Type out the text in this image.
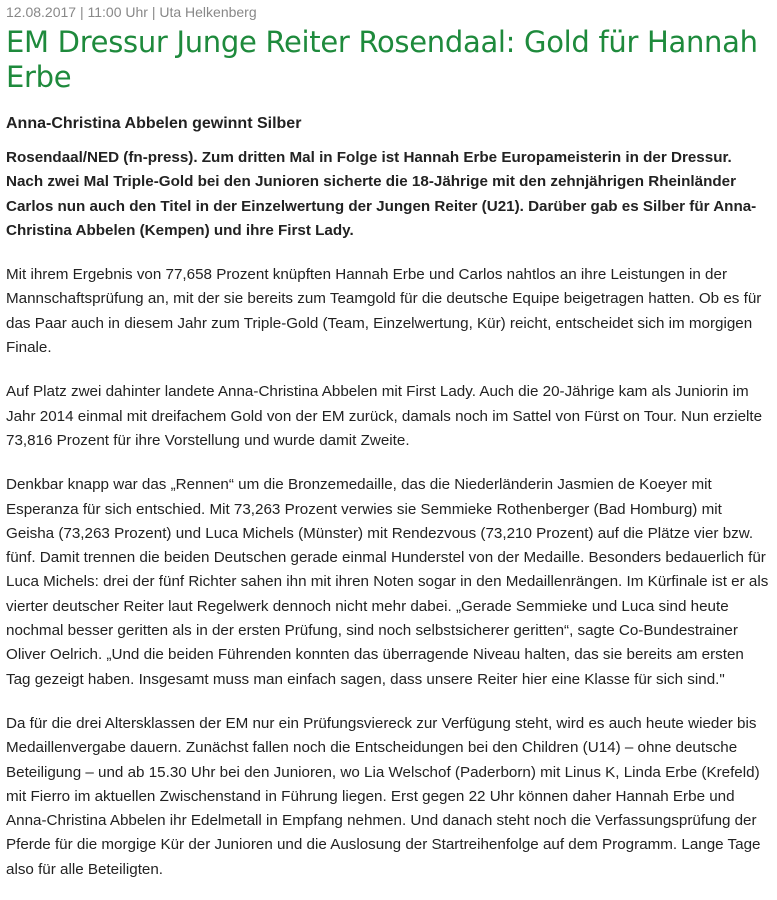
12.08.2017 | 11:00 Uhr | Uta Helkenberg
EM Dressur Junge Reiter Rosendaal: Gold für Hannah Erbe
Anna-Christina Abbelen gewinnt Silber

Rosendaal/NED (fn-press). Zum dritten Mal in Folge ist Hannah Erbe Europameisterin in der Dressur. Nach zwei Mal Triple-Gold bei den Junioren sicherte die 18-Jährige mit den zehnjährigen Rheinländer Carlos nun auch den Titel in der Einzelwertung der Jungen Reiter (U21). Darüber gab es Silber für Anna-Christina Abbelen (Kempen) und ihre First Lady.

Mit ihrem Ergebnis von 77,658 Prozent knüpften Hannah Erbe und Carlos nahtlos an ihre Leistungen in der Mannschaftsprüfung an, mit der sie bereits zum Teamgold für die deutsche Equipe beigetragen hatten. Ob es für das Paar auch in diesem Jahr zum Triple-Gold (Team, Einzelwertung, Kür) reicht, entscheidet sich im morgigen Finale.

Auf Platz zwei dahinter landete Anna-Christina Abbelen mit First Lady. Auch die 20-Jährige kam als Juniorin im Jahr 2014 einmal mit dreifachem Gold von der EM zurück, damals noch im Sattel von Fürst on Tour. Nun erzielte 73,816 Prozent für ihre Vorstellung und wurde damit Zweite.

Denkbar knapp war das „Rennen“ um die Bronzemedaille, das die Niederländerin Jasmien de Koeyer mit Esperanza für sich entschied. Mit 73,263 Prozent verwies sie Semmieke Rothenberger (Bad Homburg) mit Geisha (73,263 Prozent) und Luca Michels (Münster) mit Rendezvous (73,210 Prozent) auf die Plätze vier bzw. fünf. Damit trennen die beiden Deutschen gerade einmal Hunderstel von der Medaille. Besonders bedauerlich für Luca Michels: drei der fünf Richter sahen ihn mit ihren Noten sogar in den Medaillenrängen. Im Kürfinale ist er als vierter deutscher Reiter laut Regelwerk dennoch nicht mehr dabei. „Gerade Semmieke und Luca sind heute nochmal besser geritten als in der ersten Prüfung, sind noch selbstsicherer geritten“, sagte Co-Bundestrainer Oliver Oelrich. „Und die beiden Führenden konnten das überragende Niveau halten, das sie bereits am ersten Tag gezeigt haben. Insgesamt muss man einfach sagen, dass unsere Reiter hier eine Klasse für sich sind."

Da für die drei Altersklassen der EM nur ein Prüfungsviereck zur Verfügung steht, wird es auch heute wieder bis Medaillenvergabe dauern. Zunächst fallen noch die Entscheidungen bei den Children (U14) – ohne deutsche Beteiligung – und ab 15.30 Uhr bei den Junioren, wo Lia Welschof (Paderborn) mit Linus K, Linda Erbe (Krefeld) mit Fierro im aktuellen Zwischenstand in Führung liegen. Erst gegen 22 Uhr können daher Hannah Erbe und Anna-Christina Abbelen ihr Edelmetall in Empfang nehmen. Und danach steht noch die Verfassungsprüfung der Pferde für die morgige Kür der Junioren und die Auslosung der Startreihenfolge auf dem Programm. Lange Tage also für alle Beteiligten.
